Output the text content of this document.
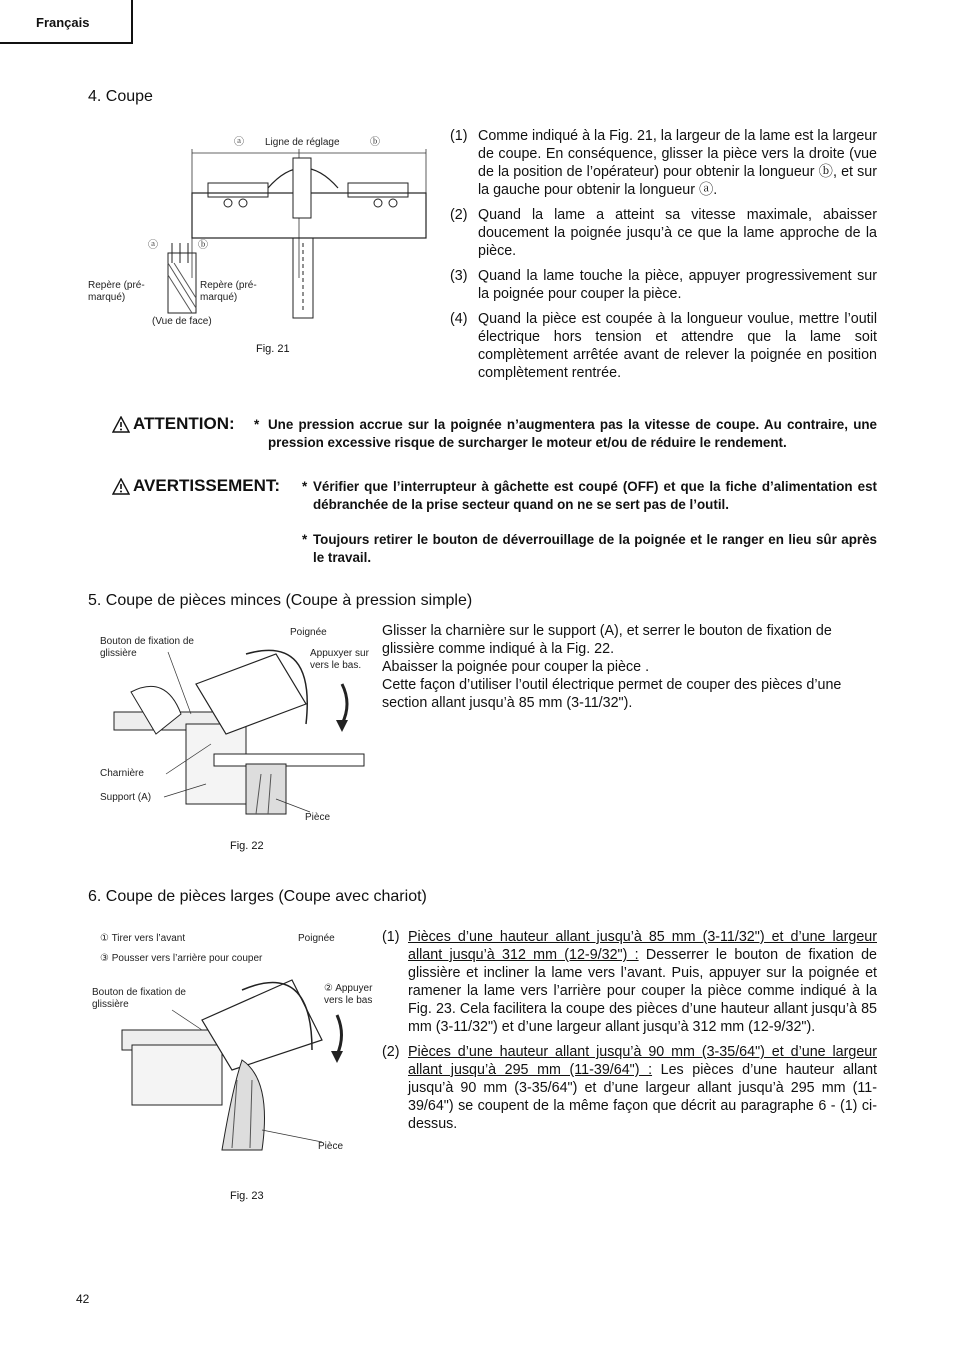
Français
4. Coupe
ⓐ Ligne de réglage	ⓑ
ⓐ	ⓑ
Repère (pré-marqué)
Repère (pré-marqué)
(Vue de face)
Fig. 21
(1) Comme indiqué à la Fig. 21, la largeur de la lame est la largeur de coupe. En conséquence, glisser la pièce vers la droite (vue de la position de l’opérateur) pour obtenir la longueur ⓑ, et sur la gauche pour obtenir la longueur ⓐ.
(2) Quand la lame a atteint sa vitesse maximale, abaisser doucement la poignée jusqu’à ce que la lame approche de la pièce.
(3) Quand la lame touche la pièce, appuyer progressivement sur la poignée pour couper la pièce.
(4) Quand la pièce est coupée à la longueur voulue, mettre l’outil électrique hors tension et attendre que la lame soit complètement arrêtée avant de relever la poignée en position complètement rentrée.
ATTENTION: * Une pression accrue sur la poignée n’augmentera pas la vitesse de coupe. Au contraire, une pression excessive risque de surcharger le moteur et/ou de réduire le rendement.
AVERTISSEMENT: * Vérifier que l’interrupteur à gâchette est coupé (OFF) et que la fiche d’alimentation est débranchée de la prise secteur quand on ne se sert pas de l’outil.
* Toujours retirer le bouton de déverrouillage de la poignée et le ranger en lieu sûr après le travail.
5. Coupe de pièces minces (Coupe à pression simple)
Bouton de fixation de glissière
Poignée
Appuxyer sur vers le bas.
Charnière
Support (A)
Pièce
Fig. 22
Glisser la charnière sur le support (A), et serrer le bouton de fixation de glissière comme indiqué à la Fig. 22.
Abaisser la poignée pour couper la pièce .
Cette façon d’utiliser l’outil électrique permet de couper des pièces d’une section allant jusqu’à 85 mm (3-11/32").
6. Coupe de pièces larges (Coupe avec chariot)
① Tirer vers l’avant
③ Pousser vers l’arrière pour couper
Poignée
Bouton de fixation de glissière
② Appuyer vers le bas
Pièce
Fig. 23
(1) Pièces d’une hauteur allant jusqu’à 85 mm (3-11/32") et d’une largeur allant jusqu’à 312 mm (12-9/32") : Desserrer le bouton de fixation de glissière et incliner la lame vers l’avant. Puis, appuyer sur la poignée et ramener la lame vers l’arrière pour couper la pièce comme indiqué à la Fig. 23. Cela facilitera la coupe des pièces d’une hauteur allant jusqu’à 85 mm (3-11/32") et d’une largeur allant jusqu’à 312 mm (12-9/32").
(2) Pièces d’une hauteur allant jusqu’à 90 mm (3-35/64") et d’une largeur allant jusqu’à 295 mm (11-39/64") : Les pièces d’une hauteur allant jusqu’à 90 mm (3-35/64") et d’une largeur allant jusqu’à 295 mm (11-39/64") se coupent de la même façon que décrit au paragraphe 6 - (1) ci-dessus.
42
